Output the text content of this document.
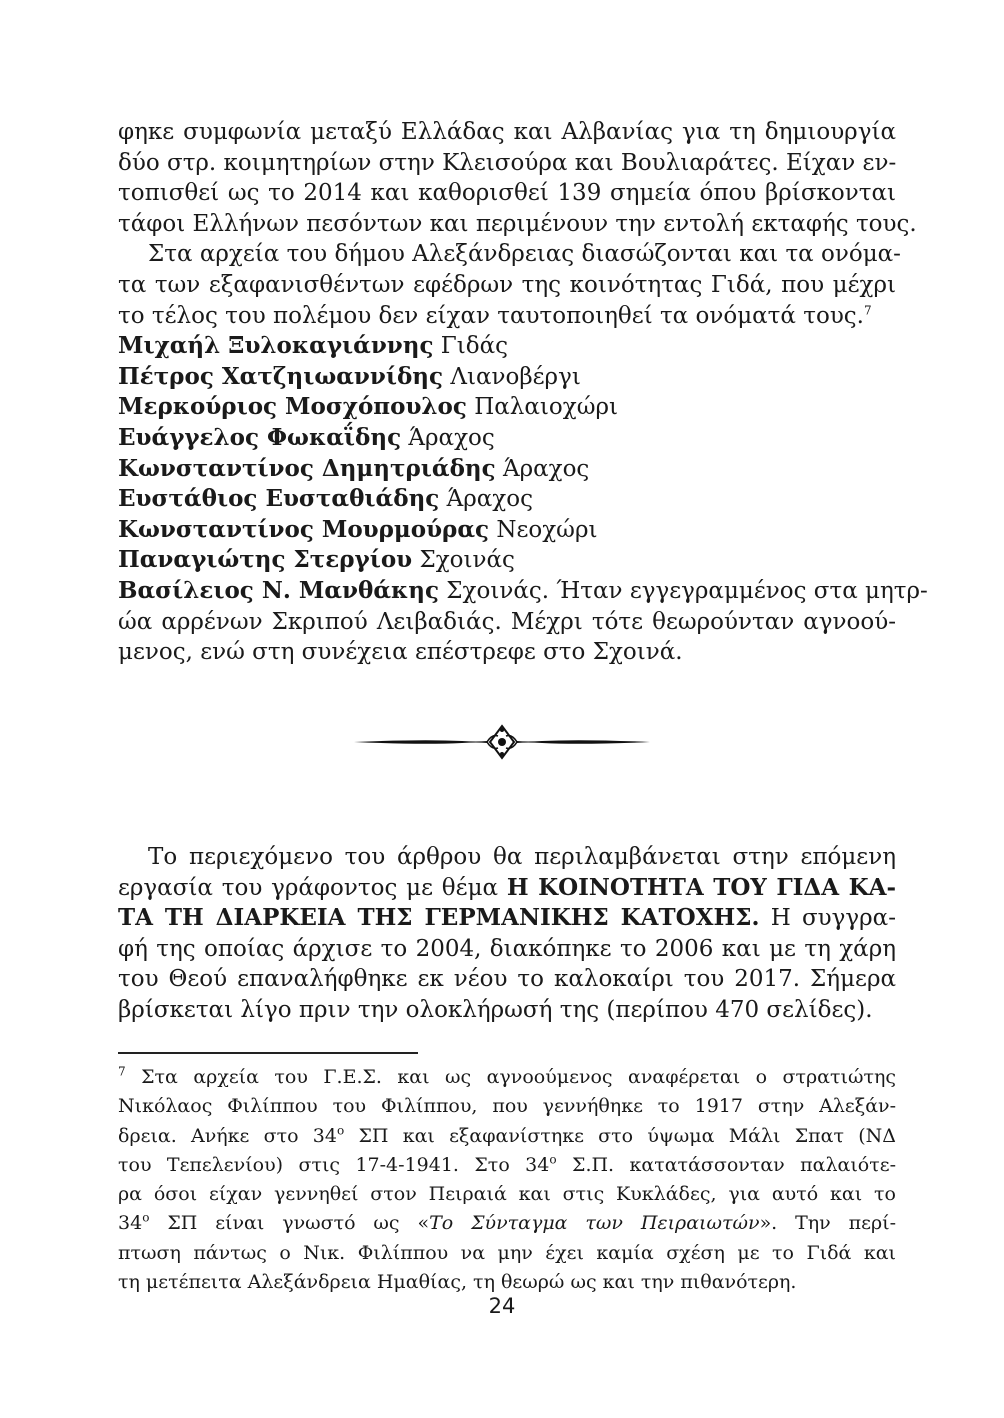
φηκε συμφωνία μεταξύ Ελλάδας και Αλβανίας για τη δημιουργία
δύο στρ. κοιμητηρίων στην Κλεισούρα και Βουλιαράτες. Είχαν εν-
τοπισθεί ως το 2014 και καθορισθεί 139 σημεία όπου βρίσκονται
τάφοι Ελλήνων πεσόντων και περιμένουν την εντολή εκταφής τους.
Στα αρχεία του δήμου Αλεξάνδρειας διασώζονται και τα ονόμα-
τα των εξαφανισθέντων εφέδρων της κοινότητας Γιδά, που μέχρι
το τέλος του πολέμου δεν είχαν ταυτοποιηθεί τα ονόματά τους.$^7$
Μιχαήλ Ξυλοκαγιάννης Γιδάς
Πέτρος Χατζηιωαννίδης Λιανοβέργι
Μερκούριος Μοσχόπουλος Παλαιοχώρι
Ευάγγελος Φωκαΐδης Άραχος
Κωνσταντίνος Δημητριάδης Άραχος
Ευστάθιος Ευσταθιάδης Άραχος
Κωνσταντίνος Μουρμούρας Νεοχώρι
Παναγιώτης Στεργίου Σχοινάς
Βασίλειος Ν. Μανθάκης Σχοινάς. Ήταν εγγεγραμμένος στα μητρ-
ώα αρρένων Σκριπού Λειβαδιάς. Μέχρι τότε θεωρούνταν αγνοού-
μενος, ενώ στη συνέχεια επέστρεφε στο Σχοινά.
Το περιεχόμενο του άρθρου θα περιλαμβάνεται στην επόμενη
εργασία του γράφοντος με θέμα Η ΚΟΙΝΟΤΗΤΑ ΤΟΥ ΓΙΔΑ ΚΑ-
ΤΑ ΤΗ ΔΙΑΡΚΕΙΑ ΤΗΣ ΓΕΡΜΑΝΙΚΗΣ ΚΑΤΟΧΗΣ. Η συγγρα-
φή της οποίας άρχισε το 2004, διακόπηκε το 2006 και με τη χάρη
του Θεού επαναλήφθηκε εκ νέου το καλοκαίρι του 2017. Σήμερα
βρίσκεται λίγο πριν την ολοκλήρωσή της (περίπου 470 σελίδες).
$^7$ Στα αρχεία του Γ.Ε.Σ. και ως αγνοούμενος αναφέρεται ο στρατιώτης
Νικόλαος Φιλίππου του Φιλίππου, που γεννήθηκε το 1917 στην Αλεξάν-
δρεια. Ανήκε στο $34^o$ ΣΠ και εξαφανίστηκε στο ύψωμα Μάλι Σπατ (ΝΔ
του Τεπελενίου) στις 17-4-1941. Στο $34^o$ Σ.Π. κατατάσσονταν παλαιότε-
ρα όσοι είχαν γεννηθεί στον Πειραιά και στις Κυκλάδες, για αυτό και το
$34^o$ ΣΠ είναι γνωστό ως «Το Σύνταγμα των Πειραιωτών». Την περί-
πτωση πάντως ο Νικ. Φιλίππου να μην έχει καμία σχέση με το Γιδά και
τη μετέπειτα Αλεξάνδρεια Ημαθίας, τη θεωρώ ως και την πιθανότερη.
24
